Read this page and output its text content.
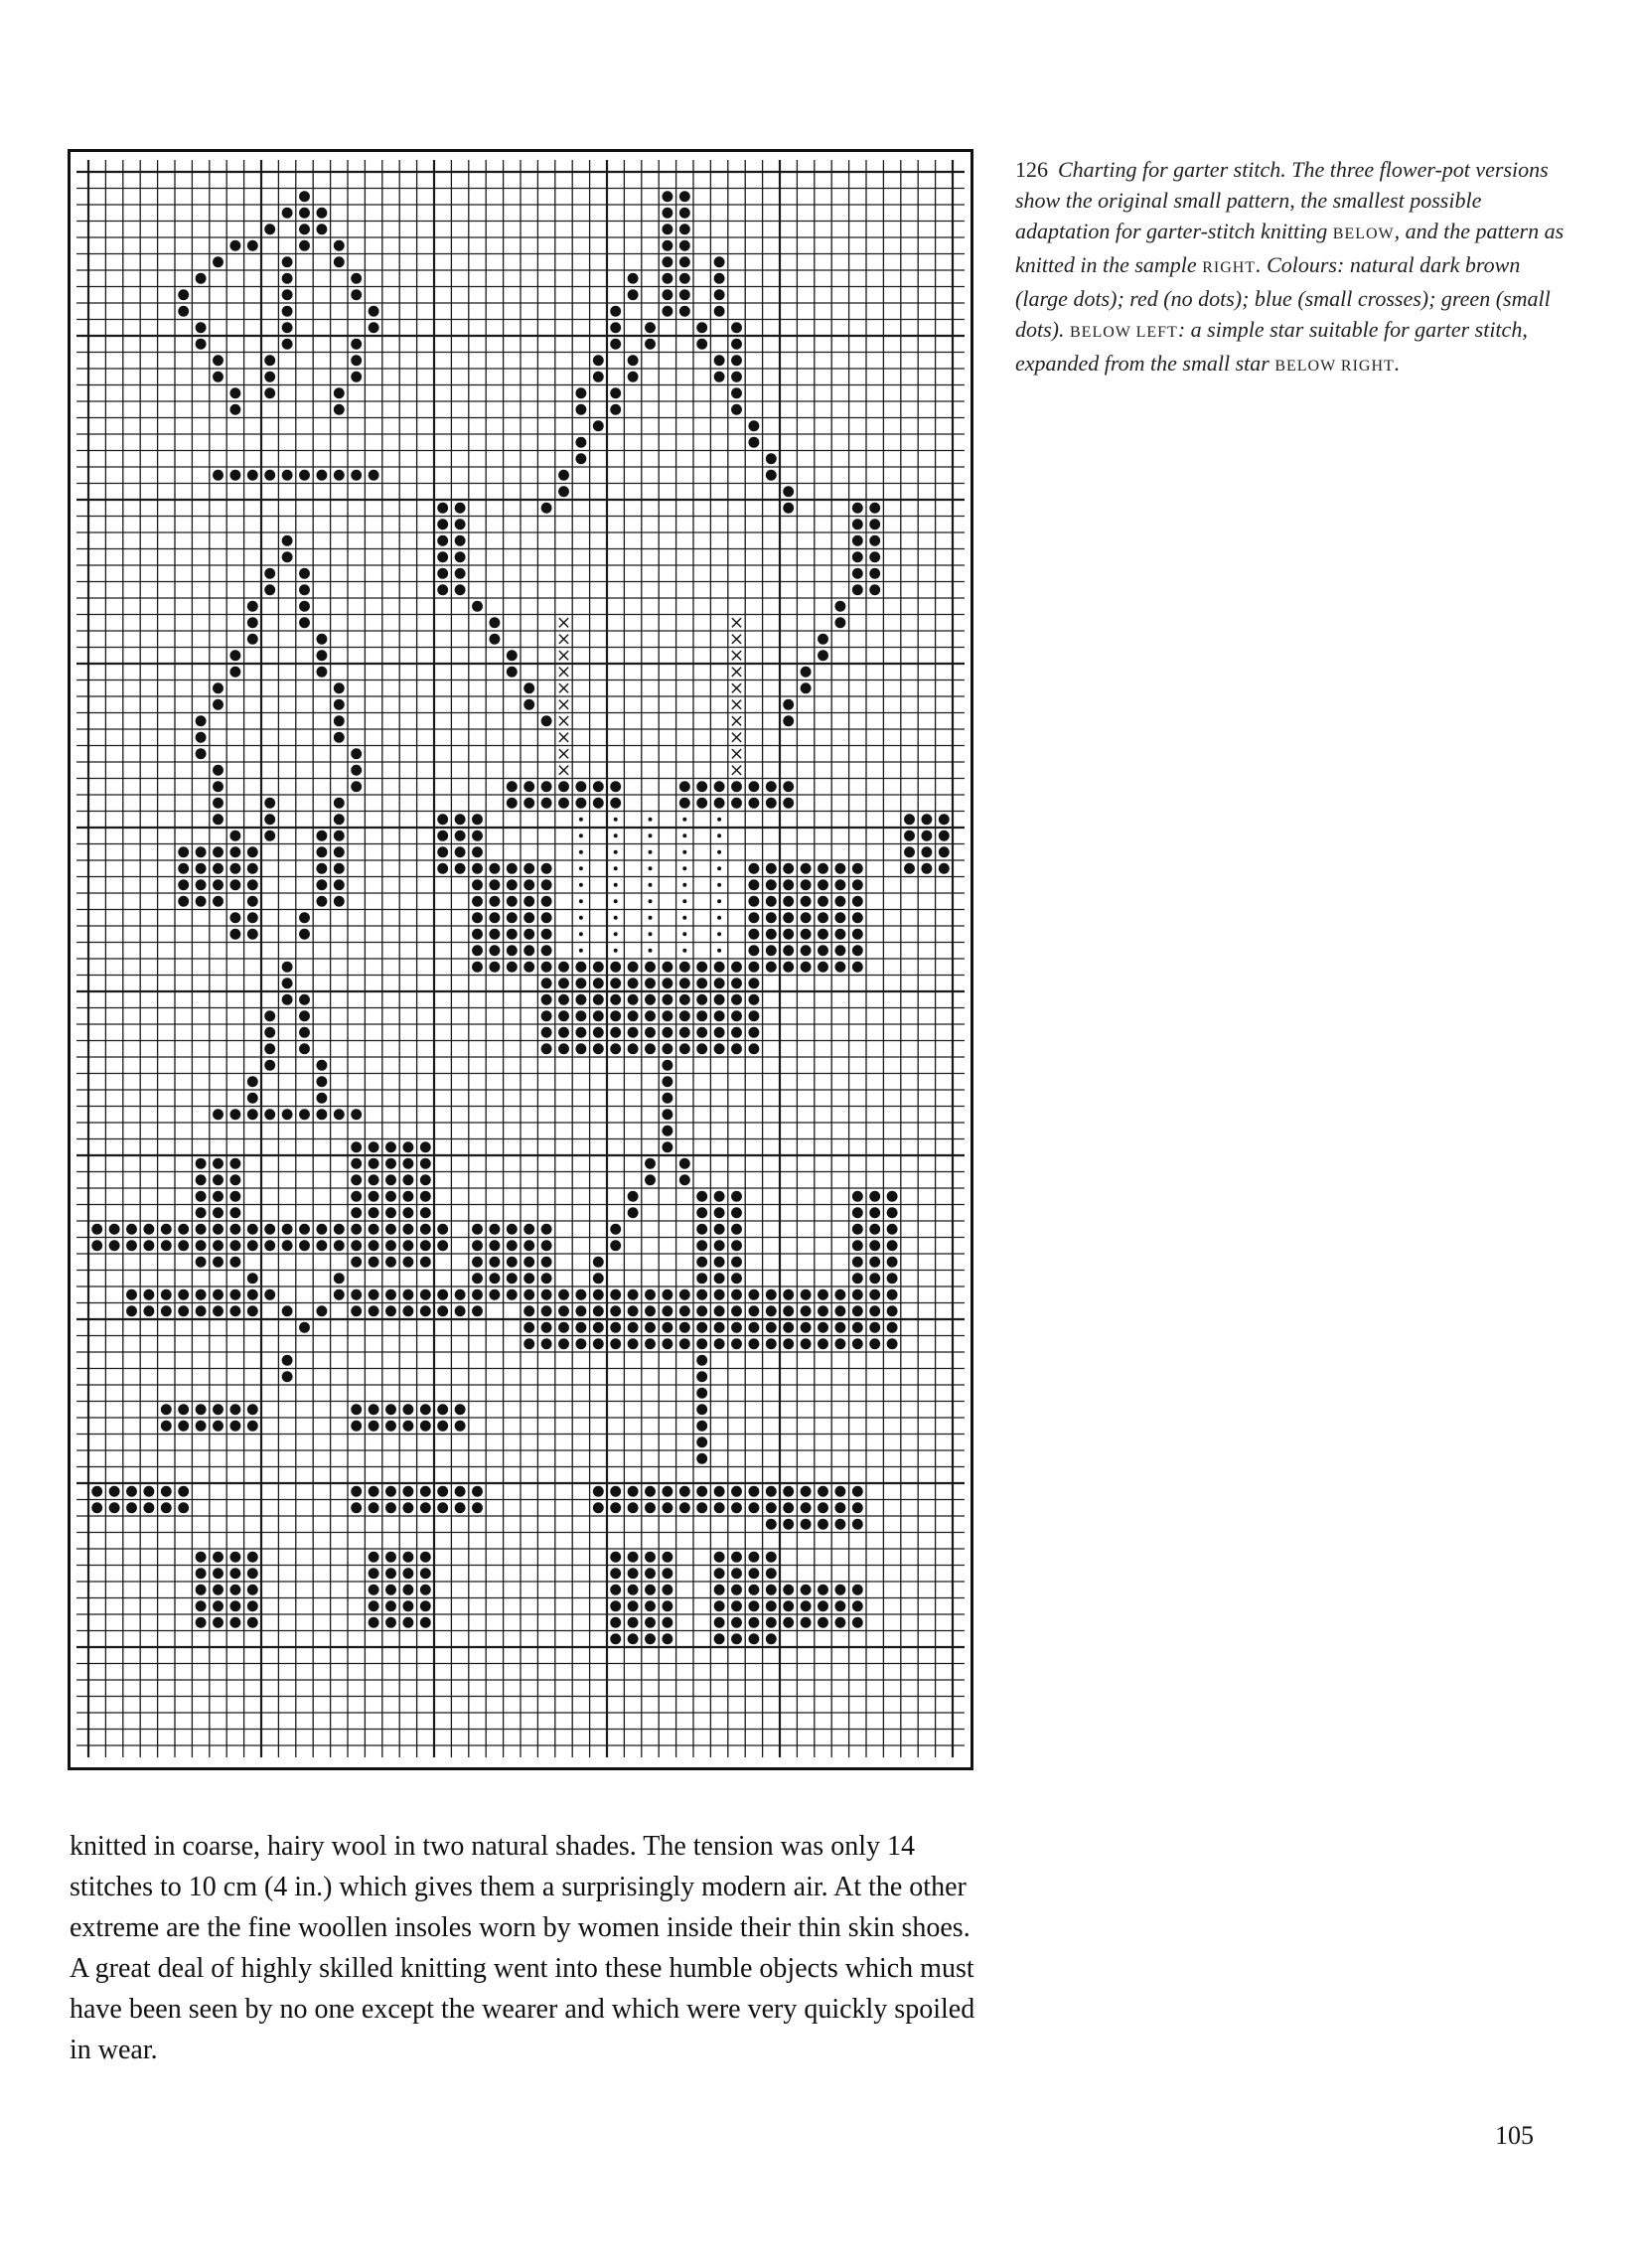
126 Charting for garter stitch. The three flower-pot versions show the original small pattern, the smallest possible adaptation for garter-stitch knitting BELOW, and the pattern as knitted in the sample RIGHT. Colours: natural dark brown (large dots); red (no dots); blue (small crosses); green (small dots). BELOW LEFT: a simple star suitable for garter stitch, expanded from the small star BELOW RIGHT.
knitted in coarse, hairy wool in two natural shades. The tension was only 14 stitches to 10 cm (4 in.) which gives them a surprisingly modern air. At the other extreme are the fine woollen insoles worn by women inside their thin skin shoes. A great deal of highly skilled knitting went into these humble objects which must have been seen by no one except the wearer and which were very quickly spoiled in wear.
105
